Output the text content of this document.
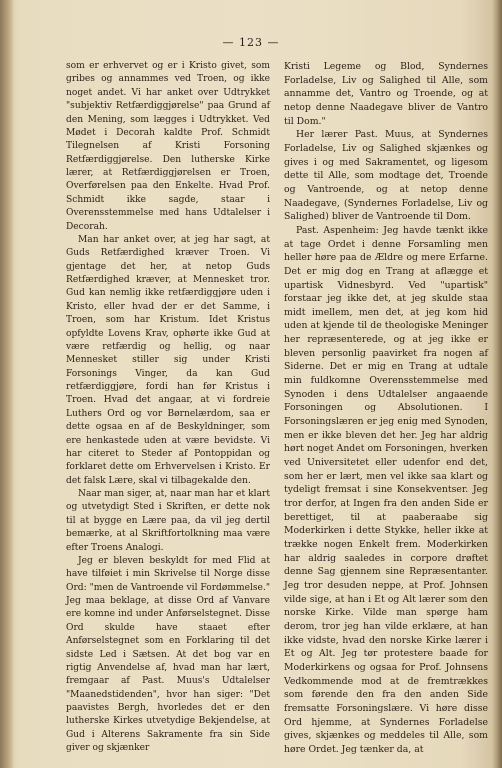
— 123 —

som er erhvervet og er i Kristo givet, som gribes og annammes ved Troen, og ikke noget andet. Vi har anket over Udtrykket "subjektiv Retfærdiggjørelse" paa Grund af den Mening, som lægges i Udtrykket. Ved Mødet i Decorah kaldte Prof. Schmidt Tilegnelsen af Kristi Forsoning Retfærdiggjørelse. Den lutherske Kirke lærer, at Retfærdiggjørelsen er Troen, Overførelsen paa den Enkelte. Hvad Prof. Schmidt ikke sagde, staar i Overensstemmelse med hans Udtalelser i Decorah.

Man har anket over, at jeg har sagt, at Guds Retfærdighed kræver Troen. Vi gjentage det her, at netop Guds Retfærdighed kræver, at Mennesket tror. Gud kan nemlig ikke retfærdiggjøre uden i Kristo, eller hvad der er det Samme, i Troen, som har Kristum. Idet Kristus opfyldte Lovens Krav, ophørte ikke Gud at være retfærdig og hellig, og naar Mennesket stiller sig under Kristi Forsonings Vinger, da kan Gud retfærdiggjøre, fordi han før Kristus i Troen. Hvad det angaar, at vi fordreie Luthers Ord og vor Børnelærdom, saa er dette ogsaa en af de Beskyldninger, som ere henkastede uden at være bevidste. Vi har citeret to Steder af Pontoppidan og forklaret dette om Erhvervelsen i Kristo. Er det falsk Lære, skal vi tilbagekalde den.

Naar man siger, at, naar man har et klart og utvetydigt Sted i Skriften, er dette nok til at bygge en Lære paa, da vil jeg dertil bemærke, at al Skriftfortolkning maa være efter Troens Analogi.

Jeg er bleven beskyldt for med Flid at have tilføiet i min Skrivelse til Norge disse Ord: "men de Vantroende vil Fordømmelse." Jeg maa beklage, at disse Ord af Vanvare ere komne ind under Anførselstegnet. Disse Ord skulde have staaet efter Anførselstegnet som en Forklaring til det sidste Led i Sætsen. At det bog var en rigtig Anvendelse af, hvad man har lært, fremgaar af Past. Muus's Udtalelser "Maanedstidenden", hvor han siger: "Det paavistes Bergh, hvorledes det er den lutherske Kirkes utvetydige Bekjendelse, at Gud i Alterens Sakramente fra sin Side giver og skjænker

Kristi Legeme og Blod, Syndernes Forladelse, Liv og Salighed til Alle, som annamme det, Vantro og Troende, og at netop denne Naadegave bliver de Vantro til Dom."

Her lærer Past. Muus, at Syndernes Forladelse, Liv og Salighed skjænkes og gives i og med Sakramentet, og ligesom dette til Alle, som modtage det, Troende og Vantroende, og at netop denne Naadegave, (Syndernes Forladelse, Liv og Salighed) bliver de Vantroende til Dom.

Past. Aspenheim: Jeg havde tænkt ikke at tage Ordet i denne Forsamling men heller høre paa de Ældre og mere Erfarne. Det er mig dog en Trang at aflægge et upartisk Vidnesbyrd. Ved "upartisk" forstaar jeg ikke det, at jeg skulde staa midt imellem, men det, at jeg kom hid uden at kjende til de theologiske Meninger her repræsenterede, og at jeg ikke er bleven personlig paavirket fra nogen af Siderne. Det er mig en Trang at udtale min fuldkomne Overensstemmelse med Synoden i dens Udtalelser angaaende Forsoningen og Absolutionen. I Forsoningslæren er jeg enig med Synoden, men er ikke bleven det her. Jeg har aldrig hørt noget Andet om Forsoningen, hverken ved Universitetet eller udenfor end det, som her er lært, men vel ikke saa klart og tydeligt fremsat i sine Konsekventser. Jeg tror derfor, at Ingen fra den anden Side er berettiget, til at paaberaabe sig Moderkirken i dette Stykke, heller ikke at trække nogen Enkelt frem. Moderkirken har aldrig saaledes in corpore drøftet denne Sag gjennem sine Repræsentanter. Jeg tror desuden neppe, at Prof. Johnsen vilde sige, at han i Et og Alt lærer som den norske Kirke. Vilde man spørge ham derom, tror jeg han vilde erklære, at han ikke vidste, hvad den norske Kirke lærer i Et og Alt. Jeg tør protestere baade for Moderkirkens og ogsaa for Prof. Johnsens Vedkommende mod at de fremtrækkes som førende den fra den anden Side fremsatte Forsoningslære. Vi høre disse Ord hjemme, at Syndernes Forladelse gives, skjænkes og meddeles til Alle, som høre Ordet. Jeg tænker da, at
